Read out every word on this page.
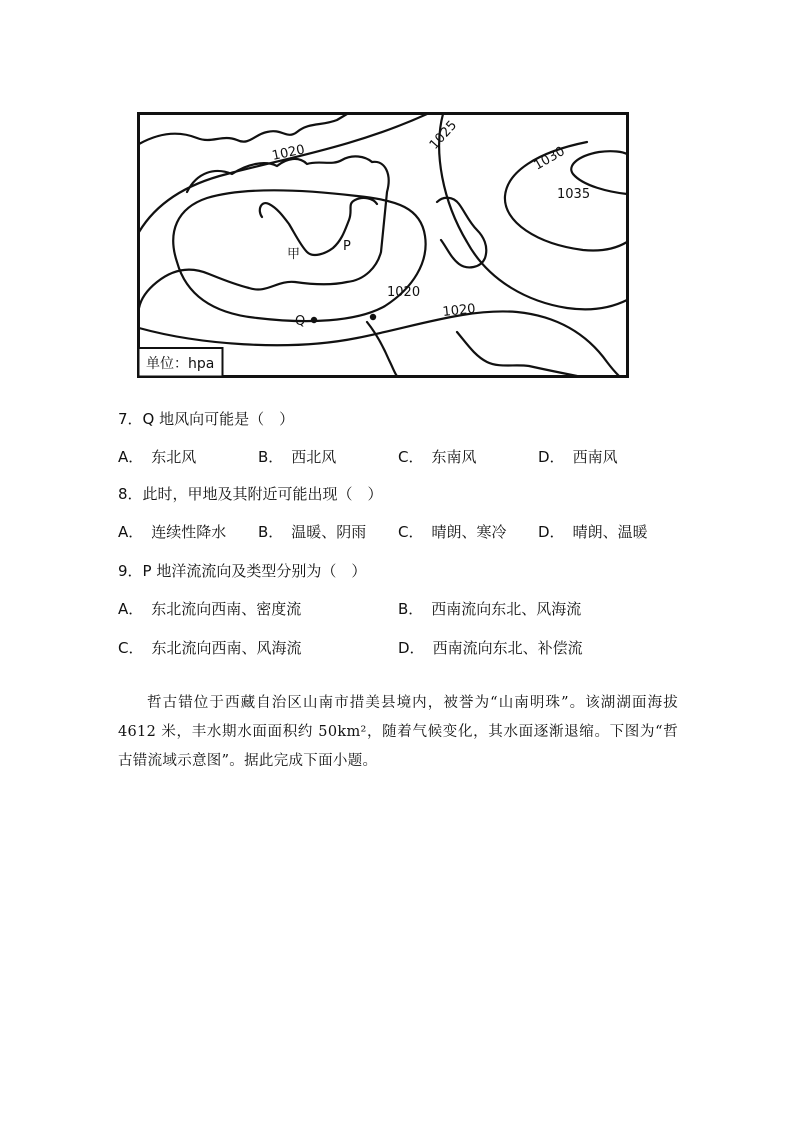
1020
1025
1030
1035
1020
1020
甲
P
Q
单位：hpa
7．Q 地风向可能是（　）
A． 东北风	B． 西北风	C． 东南风	D． 西南风
8．此时，甲地及其附近可能出现（　）
A． 连续性降水 B． 温暖、阴雨 C． 晴朗、寒冷 D． 晴朗、温暖
9．P 地洋流流向及类型分别为（　）
A． 东北流向西南、密度流	B． 西南流向东北、风海流
C． 东北流向西南、风海流	D． 西南流向东北、补偿流

哲古错位于西藏自治区山南市措美县境内，被誉为“山南明珠”。该湖湖面海拔 4612 米，丰水期水面面积约 50km²，随着气候变化，其水面逐渐退缩。下图为“哲古错流域示意图”。据此完成下面小题。
